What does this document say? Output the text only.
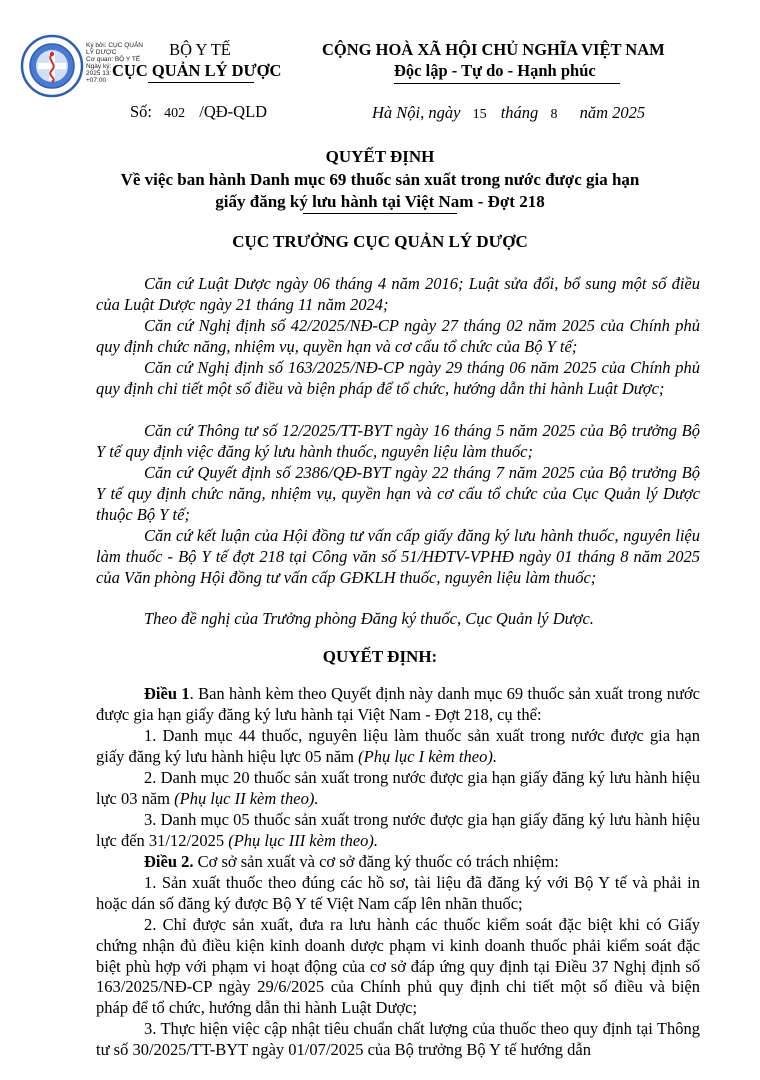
Ký bởi: CỤC QUẢN
LÝ DƯỢC
Cơ quan: BỘ Y TẾ
Ngày ký:
2025 13:
+07:00
BỘ Y TẾ
CỤC QUẢN LÝ DƯỢC
CỘNG HOÀ XÃ HỘI CHỦ NGHĨA VIỆT NAM
Độc lập - Tự do - Hạnh phúc
Số: 402 /QĐ-QLD	Hà Nội, ngày 15 tháng 8 năm 2025
QUYẾT ĐỊNH
Về việc ban hành Danh mục 69 thuốc sản xuất trong nước được gia hạn
giấy đăng ký lưu hành tại Việt Nam - Đợt 218
CỤC TRƯỞNG CỤC QUẢN LÝ DƯỢC
Căn cứ Luật Dược ngày 06 tháng 4 năm 2016; Luật sửa đổi, bổ sung một số điều của Luật Dược ngày 21 tháng 11 năm 2024;
Căn cứ Nghị định số 42/2025/NĐ-CP ngày 27 tháng 02 năm 2025 của Chính phủ quy định chức năng, nhiệm vụ, quyền hạn và cơ cấu tổ chức của Bộ Y tế;
Căn cứ Nghị định số 163/2025/NĐ-CP ngày 29 tháng 06 năm 2025 của Chính phủ quy định chi tiết một số điều và biện pháp để tổ chức, hướng dẫn thi hành Luật Dược;
Căn cứ Thông tư số 12/2025/TT-BYT ngày 16 tháng 5 năm 2025 của Bộ trưởng Bộ Y tế quy định việc đăng ký lưu hành thuốc, nguyên liệu làm thuốc;
Căn cứ Quyết định số 2386/QĐ-BYT ngày 22 tháng 7 năm 2025 của Bộ trưởng Bộ Y tế quy định chức năng, nhiệm vụ, quyền hạn và cơ cấu tổ chức của Cục Quản lý Dược thuộc Bộ Y tế;
Căn cứ kết luận của Hội đồng tư vấn cấp giấy đăng ký lưu hành thuốc, nguyên liệu làm thuốc - Bộ Y tế đợt 218 tại Công văn số 51/HĐTV-VPHĐ ngày 01 tháng 8 năm 2025 của Văn phòng Hội đồng tư vấn cấp GĐKLH thuốc, nguyên liệu làm thuốc;
Theo đề nghị của Trưởng phòng Đăng ký thuốc, Cục Quản lý Dược.
QUYẾT ĐỊNH:
Điều 1. Ban hành kèm theo Quyết định này danh mục 69 thuốc sản xuất trong nước được gia hạn giấy đăng ký lưu hành tại Việt Nam - Đợt 218, cụ thể:
1. Danh mục 44 thuốc, nguyên liệu làm thuốc sản xuất trong nước được gia hạn giấy đăng ký lưu hành hiệu lực 05 năm (Phụ lục I kèm theo).
2. Danh mục 20 thuốc sản xuất trong nước được gia hạn giấy đăng ký lưu hành hiệu lực 03 năm (Phụ lục II kèm theo).
3. Danh mục 05 thuốc sản xuất trong nước được gia hạn giấy đăng ký lưu hành hiệu lực đến 31/12/2025 (Phụ lục III kèm theo).
Điều 2. Cơ sở sản xuất và cơ sở đăng ký thuốc có trách nhiệm:
1. Sản xuất thuốc theo đúng các hồ sơ, tài liệu đã đăng ký với Bộ Y tế và phải in hoặc dán số đăng ký được Bộ Y tế Việt Nam cấp lên nhãn thuốc;
2. Chỉ được sản xuất, đưa ra lưu hành các thuốc kiểm soát đặc biệt khi có Giấy chứng nhận đủ điều kiện kinh doanh dược phạm vi kinh doanh thuốc phải kiểm soát đặc biệt phù hợp với phạm vi hoạt động của cơ sở đáp ứng quy định tại Điều 37 Nghị định số 163/2025/NĐ-CP ngày 29/6/2025 của Chính phủ quy định chi tiết một số điều và biện pháp để tổ chức, hướng dẫn thi hành Luật Dược;
3. Thực hiện việc cập nhật tiêu chuẩn chất lượng của thuốc theo quy định tại Thông tư số 30/2025/TT-BYT ngày 01/07/2025 của Bộ trưởng Bộ Y tế hướng dẫn
